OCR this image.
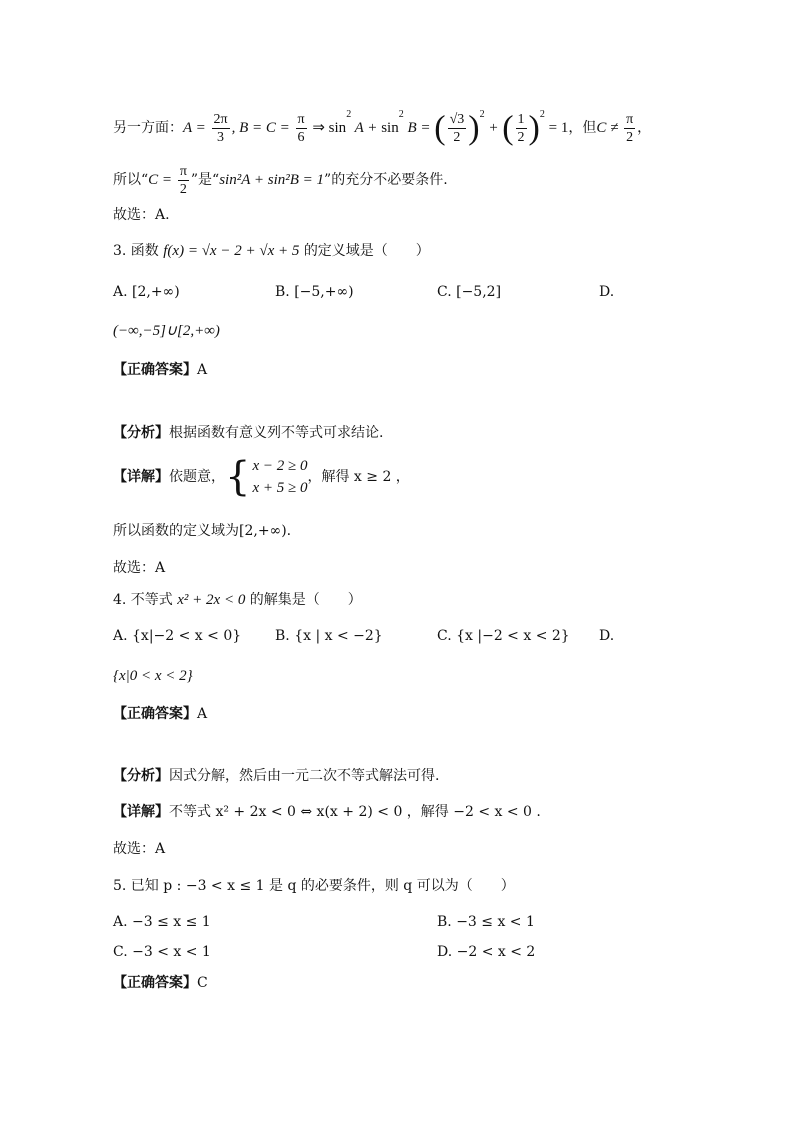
另一方面： $A = \frac{2\pi}{3}$ , $B = C = \frac{\pi}{6}$ ⇒ $\sin^2 A + \sin^2 B$ = ( $\frac{√3}{2} )^2$ + ( $\frac{1}{2} )^2 = 1$ ，但 $C \ne \frac{\pi}{2}$ ，
所以“ $C = \frac{\pi}{2}$ ”是“ sin²A + sin²B = 1 ”的充分不必要条件.
故选：A.
3. 函数 f(x) = √x − 2 + √x + 5 的定义域是（　　）
A. [2,+∞)	B. [−5,+∞)	C. [−5,2]	D.
(−∞,−5]∪[2,+∞)
【正确答案】A
【分析】根据函数有意义列不等式可求结论.
【详解】 依题意， { x − 2 ≥ 0
x + 5 ≥ 0
，解得 x ≥ 2 ，
所以函数的定义域为[2,+∞).
故选：A
4. 不等式 x² + 2x < 0 的解集是（　　）
A. {x|−2 < x < 0} B. {x | x < −2}	C. {x |−2 < x < 2} D.
{x|0 < x < 2}
【正确答案】A
【分析】因式分解，然后由一元二次不等式解法可得.
【详解】不等式 x² + 2x < 0 ⇔ x(x + 2) < 0 ，解得 −2 < x < 0 .
故选：A
5. 已知 p : −3 < x ≤ 1 是 q 的必要条件，则 q 可以为（　　）
A. −3 ≤ x ≤ 1	B. −3 ≤ x < 1
C. −3 < x < 1	D. −2 < x < 2
【正确答案】C
